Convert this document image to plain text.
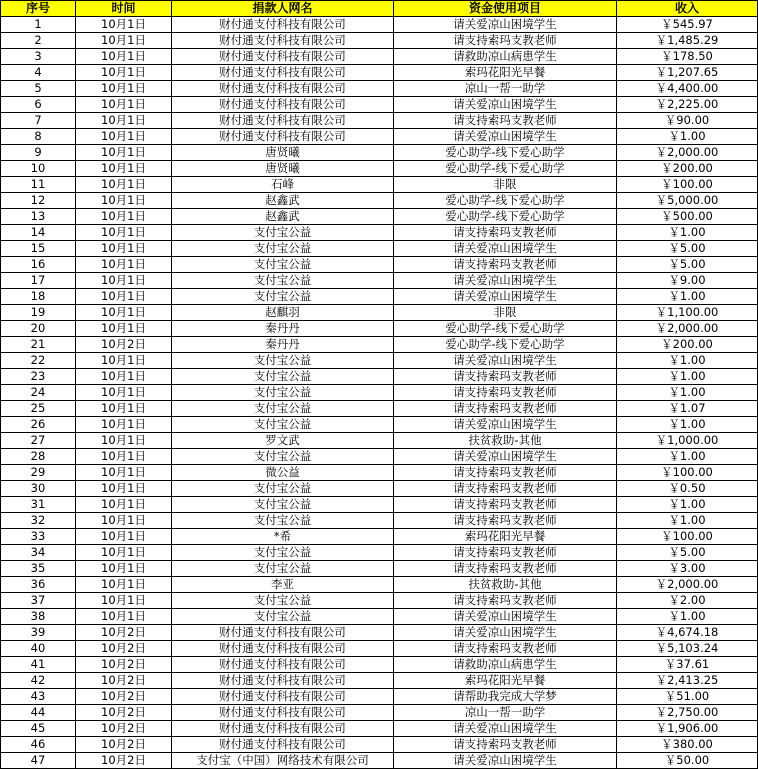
序号	时间	捐款人网名	资金使用项目	收入
1	10月1日	财付通支付科技有限公司	请关爱凉山困境学生	￥545.97
2	10月1日	财付通支付科技有限公司	请支持索玛支教老师	￥1,485.29
3	10月1日	财付通支付科技有限公司	请救助凉山病患学生	￥178.50
4	10月1日	财付通支付科技有限公司	索玛花阳光早餐	￥1,207.65
5	10月1日	财付通支付科技有限公司	凉山一帮一助学	￥4,400.00
6	10月1日	财付通支付科技有限公司	请关爱凉山困境学生	￥2,225.00
7	10月1日	财付通支付科技有限公司	请支持索玛支教老师	￥90.00
8	10月1日	财付通支付科技有限公司	请关爱凉山困境学生	￥1.00
9	10月1日	唐贤曦	爱心助学-线下爱心助学	￥2,000.00
10	10月1日	唐贤曦	爱心助学-线下爱心助学	￥200.00
11	10月1日	石峰	非限	￥100.00
12	10月1日	赵鑫武	爱心助学-线下爱心助学	￥5,000.00
13	10月1日	赵鑫武	爱心助学-线下爱心助学	￥500.00
14	10月1日	支付宝公益	请支持索玛支教老师	￥1.00
15	10月1日	支付宝公益	请关爱凉山困境学生	￥5.00
16	10月1日	支付宝公益	请支持索玛支教老师	￥5.00
17	10月1日	支付宝公益	请关爱凉山困境学生	￥9.00
18	10月1日	支付宝公益	请关爱凉山困境学生	￥1.00
19	10月1日	赵麒羽	非限	￥1,100.00
20	10月1日	秦丹丹	爱心助学-线下爱心助学	￥2,000.00
21	10月2日	秦丹丹	爱心助学-线下爱心助学	￥200.00
22	10月1日	支付宝公益	请关爱凉山困境学生	￥1.00
23	10月1日	支付宝公益	请支持索玛支教老师	￥1.00
24	10月1日	支付宝公益	请支持索玛支教老师	￥1.00
25	10月1日	支付宝公益	请支持索玛支教老师	￥1.07
26	10月1日	支付宝公益	请关爱凉山困境学生	￥1.00
27	10月1日	罗文武	扶贫救助-其他	￥1,000.00
28	10月1日	支付宝公益	请关爱凉山困境学生	￥1.00
29	10月1日	微公益	请支持索玛支教老师	￥100.00
30	10月1日	支付宝公益	请支持索玛支教老师	￥0.50
31	10月1日	支付宝公益	请支持索玛支教老师	￥1.00
32	10月1日	支付宝公益	请支持索玛支教老师	￥1.00
33	10月1日	*希	索玛花阳光早餐	￥100.00
34	10月1日	支付宝公益	请支持索玛支教老师	￥5.00
35	10月1日	支付宝公益	请支持索玛支教老师	￥3.00
36	10月1日	李亚	扶贫救助-其他	￥2,000.00
37	10月1日	支付宝公益	请支持索玛支教老师	￥2.00
38	10月1日	支付宝公益	请关爱凉山困境学生	￥1.00
39	10月2日	财付通支付科技有限公司	请关爱凉山困境学生	￥4,674.18
40	10月2日	财付通支付科技有限公司	请支持索玛支教老师	￥5,103.24
41	10月2日	财付通支付科技有限公司	请救助凉山病患学生	￥37.61
42	10月2日	财付通支付科技有限公司	索玛花阳光早餐	￥2,413.25
43	10月2日	财付通支付科技有限公司	请帮助我完成大学梦	￥51.00
44	10月2日	财付通支付科技有限公司	凉山一帮一助学	￥2,750.00
45	10月2日	财付通支付科技有限公司	请关爱凉山困境学生	￥1,906.00
46	10月2日	财付通支付科技有限公司	请支持索玛支教老师	￥380.00
47	10月2日	支付宝（中国）网络技术有限公司	请关爱凉山困境学生	￥50.00
